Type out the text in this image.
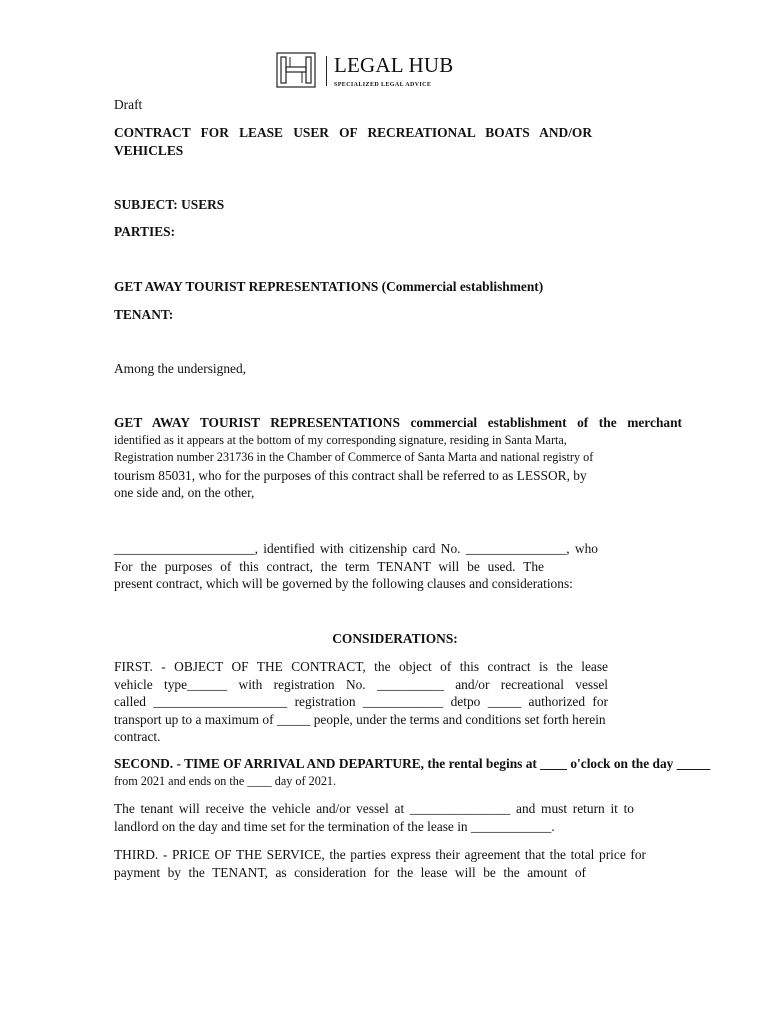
LEGAL HUB
SPECIALIZED LEGAL ADVICE

Draft

CONTRACT FOR LEASE USER OF RECREATIONAL BOATS AND/OR
VEHICLES

SUBJECT: USERS

PARTIES:

GET AWAY TOURIST REPRESENTATIONS (Commercial establishment)

TENANT:

Among the undersigned,

GET AWAY TOURIST REPRESENTATIONS commercial establishment of the merchant
identified as it appears at the bottom of my corresponding signature, residing in Santa Marta,
Registration number 231736 in the Chamber of Commerce of Santa Marta and national registry of
tourism 85031, who for the purposes of this contract shall be referred to as LESSOR, by
one side and, on the other,
_____________________, identified with citizenship card No. _______________, who
For the purposes of this contract, the term TENANT will be used. The
present contract, which will be governed by the following clauses and considerations:

CONSIDERATIONS:

FIRST. - OBJECT OF THE CONTRACT, the object of this contract is the lease
vehicle type______ with registration No. __________ and/or recreational vessel
called ____________________ registration ____________ detpo _____ authorized for
transport up to a maximum of _____ people, under the terms and conditions set forth herein
contract.
SECOND. - TIME OF ARRIVAL AND DEPARTURE, the rental begins at ____ o'clock on the day _____
from 2021 and ends on the ____ day of 2021.
The tenant will receive the vehicle and/or vessel at _______________ and must return it to
landlord on the day and time set for the termination of the lease in ____________.
THIRD. - PRICE OF THE SERVICE, the parties express their agreement that the total price for
payment by the TENANT, as consideration for the lease will be the amount of
